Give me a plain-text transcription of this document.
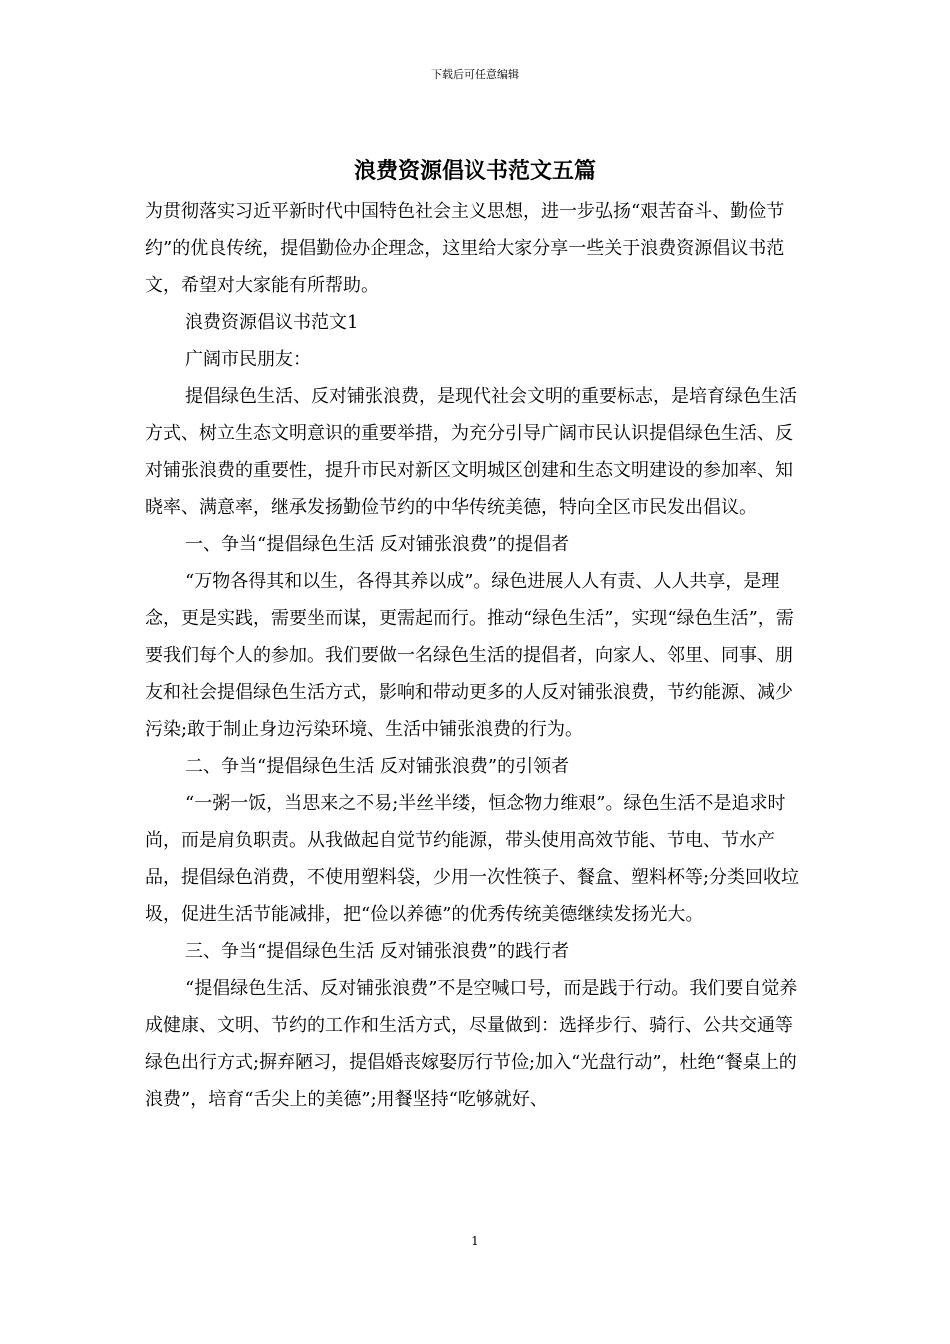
下载后可任意编辑
浪费资源倡议书范文五篇

为贯彻落实习近平新时代中国特色社会主义思想，进一步弘扬“艰苦奋斗、勤俭节约”的优良传统，提倡勤俭办企理念，这里给大家分享一些关于浪费资源倡议书范文，希望对大家能有所帮助。

浪费资源倡议书范文1

广阔市民朋友：

提倡绿色生活、反对铺张浪费，是现代社会文明的重要标志，是培育绿色生活方式、树立生态文明意识的重要举措，为充分引导广阔市民认识提倡绿色生活、反对铺张浪费的重要性，提升市民对新区文明城区创建和生态文明建设的参加率、知晓率、满意率，继承发扬勤俭节约的中华传统美德，特向全区市民发出倡议。

一、争当“提倡绿色生活 反对铺张浪费”的提倡者

“万物各得其和以生，各得其养以成”。绿色进展人人有责、人人共享，是理念，更是实践，需要坐而谋，更需起而行。推动“绿色生活”，实现“绿色生活”，需要我们每个人的参加。我们要做一名绿色生活的提倡者，向家人、邻里、同事、朋友和社会提倡绿色生活方式，影响和带动更多的人反对铺张浪费，节约能源、减少污染;敢于制止身边污染环境、生活中铺张浪费的行为。

二、争当“提倡绿色生活 反对铺张浪费”的引领者

“一粥一饭，当思来之不易;半丝半缕，恒念物力维艰”。绿色生活不是追求时尚，而是肩负职责。从我做起自觉节约能源，带头使用高效节能、节电、节水产品，提倡绿色消费，不使用塑料袋，少用一次性筷子、餐盒、塑料杯等;分类回收垃圾，促进生活节能减排，把“俭以养德”的优秀传统美德继续发扬光大。

三、争当“提倡绿色生活 反对铺张浪费”的践行者

“提倡绿色生活、反对铺张浪费”不是空喊口号，而是践于行动。我们要自觉养成健康、文明、节约的工作和生活方式，尽量做到：选择步行、骑行、公共交通等绿色出行方式;摒弃陋习，提倡婚丧嫁娶厉行节俭;加入“光盘行动”，杜绝“餐桌上的浪费”，培育“舌尖上的美德”;用餐坚持“吃够就好、

1
